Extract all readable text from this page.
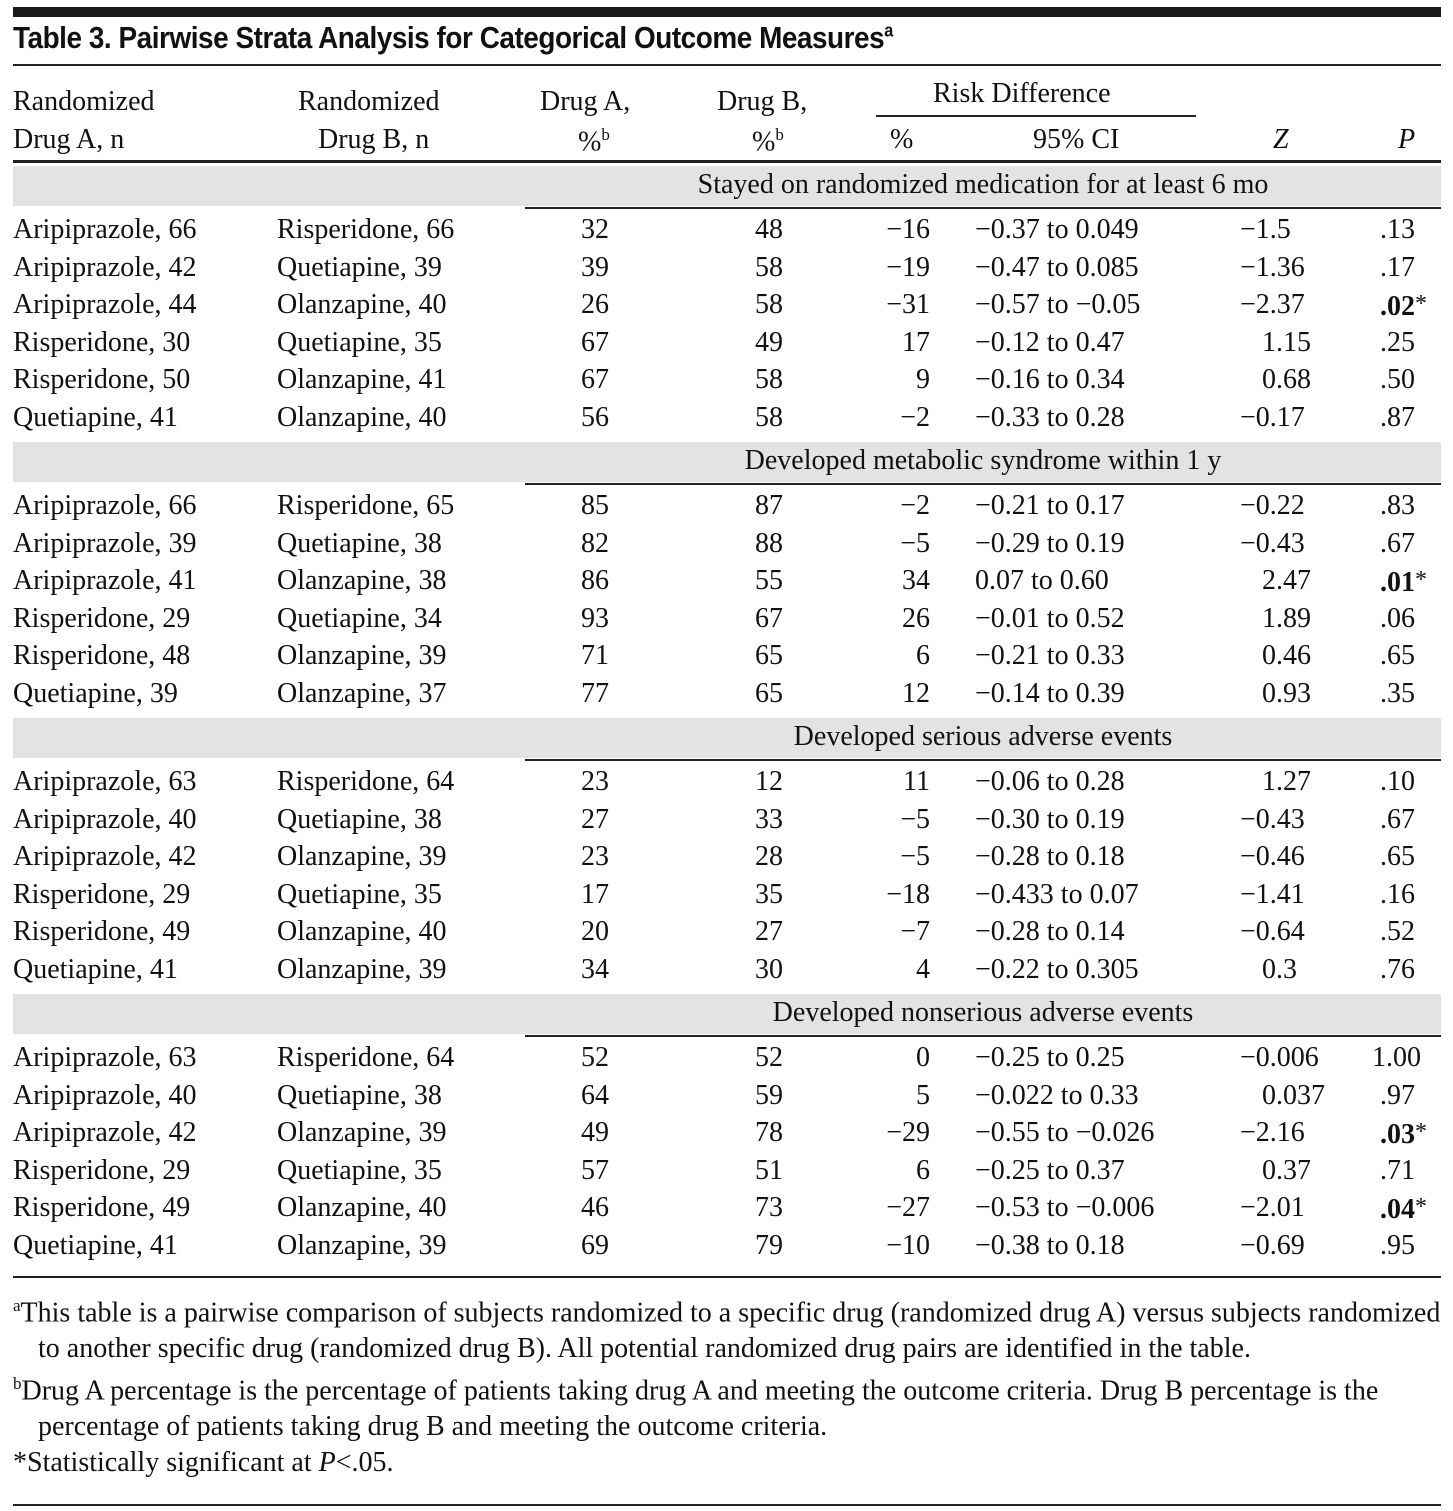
Table 3. Pairwise Strata Analysis for Categorical Outcome Measures$^a$
Randomized
Drug A, n
Randomized
Drug B, n
Drug A,
%$^b$
Drug B,
%$^b$
Risk Difference
%	95% CI	Z	P
Stayed on randomized medication for at least 6 mo
Aripiprazole, 66	Risperidone, 66	32	48	−16 −0.37 to 0.049	−1.5	.13
Aripiprazole, 42	Quetiapine, 39	39	58	−19 −0.47 to 0.085	−1.36	.17
Aripiprazole, 44	Olanzapine, 40	26	58	−31 −0.57 to −0.05	−2.37	.02*
Risperidone, 30	Quetiapine, 35	67	49	17 −0.12 to 0.47	1.15 .25
Risperidone, 50	Olanzapine, 41	67	58	9 −0.16 to 0.34	0.68 .50
Quetiapine, 41	Olanzapine, 40	56	58	−2 −0.33 to 0.28	−0.17	.87
Developed metabolic syndrome within 1 y
Aripiprazole, 66	Risperidone, 65	85	87	−2 −0.21 to 0.17	−0.22	.83
Aripiprazole, 39	Quetiapine, 38	82	88	−5 −0.29 to 0.19	−0.43	.67
Aripiprazole, 41	Olanzapine, 38	86	55	34 0.07 to 0.60	2.47 .01*
Risperidone, 29	Quetiapine, 34	93	67	26 −0.01 to 0.52	1.89 .06
Risperidone, 48	Olanzapine, 39	71	65	6 −0.21 to 0.33	0.46 .65
Quetiapine, 39	Olanzapine, 37	77	65	12 −0.14 to 0.39	0.93 .35
Developed serious adverse events
Aripiprazole, 63	Risperidone, 64	23	12	11 −0.06 to 0.28	1.27 .10
Aripiprazole, 40	Quetiapine, 38	27	33	−5 −0.30 to 0.19	−0.43	.67
Aripiprazole, 42	Olanzapine, 39	23	28	−5 −0.28 to 0.18	−0.46	.65
Risperidone, 29	Quetiapine, 35	17	35	−18 −0.433 to 0.07	−1.41	.16
Risperidone, 49	Olanzapine, 40	20	27	−7 −0.28 to 0.14	−0.64	.52
Quetiapine, 41	Olanzapine, 39	34	30	4 −0.22 to 0.305	0.3	.76
Developed nonserious adverse events
Aripiprazole, 63	Risperidone, 64	52	52	0 −0.25 to 0.25	−0.006 1.00
Aripiprazole, 40	Quetiapine, 38	64	59	5 −0.022 to 0.33	0.037 .97
Aripiprazole, 42	Olanzapine, 39	49	78	−29 −0.55 to −0.026	−2.16	.03*
Risperidone, 29	Quetiapine, 35	57	51	6 −0.25 to 0.37	0.37 .71
Risperidone, 49	Olanzapine, 40	46	73	−27 −0.53 to −0.006	−2.01	.04*
Quetiapine, 41	Olanzapine, 39	69	79	−10 −0.38 to 0.18	−0.69	.95

$^a$This table is a pairwise comparison of subjects randomized to a specific drug (randomized drug A) versus subjects randomized to another specific drug (randomized drug B). All potential randomized drug pairs are identified in the table.

$^b$Drug A percentage is the percentage of patients taking drug A and meeting the outcome criteria. Drug B percentage is the percentage of patients taking drug B and meeting the outcome criteria.

*Statistically significant at P<.05.
